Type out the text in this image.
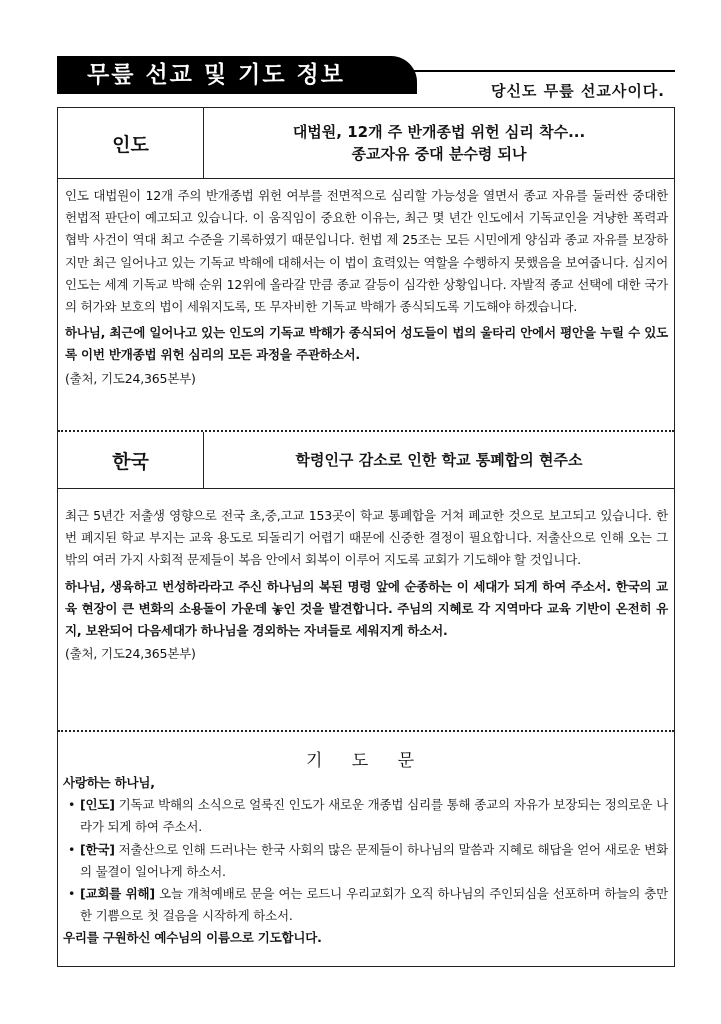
무릎 선교 및 기도 정보
당신도 무릎 선교사이다.
인도
대법원, 12개 주 반개종법 위헌 심리 착수...
종교자유 중대 분수령 되나

인도 대법원이 12개 주의 반개종법 위헌 여부를 전면적으로 심리할 가능성을 열면서 종교 자유를 둘러싼 중대한 헌법적 판단이 예고되고 있습니다. 이 움직임이 중요한 이유는, 최근 몇 년간 인도에서 기독교인을 겨냥한 폭력과 협박 사건이 역대 최고 수준을 기록하였기 때문입니다. 헌법 제 25조는 모든 시민에게 양심과 종교 자유를 보장하지만 최근 일어나고 있는 기독교 박해에 대해서는 이 법이 효력있는 역할을 수행하지 못했음을 보여줍니다. 심지어 인도는 세계 기독교 박해 순위 12위에 올라갈 만큼 종교 갈등이 심각한 상황입니다. 자발적 종교 선택에 대한 국가의 허가와 보호의 법이 세워지도록, 또 무자비한 기독교 박해가 종식되도록 기도해야 하겠습니다.

하나님, 최근에 일어나고 있는 인도의 기독교 박해가 종식되어 성도들이 법의 울타리 안에서 평안을 누릴 수 있도록 이번 반개종법 위헌 심리의 모든 과정을 주관하소서.

(출처, 기도24,365본부)

한국	학령인구 감소로 인한 학교 통폐합의 현주소

최근 5년간 저출생 영향으로 전국 초,중,고교 153곳이 학교 통폐합을 거쳐 폐교한 것으로 보고되고 있습니다. 한 번 폐지된 학교 부지는 교육 용도로 되돌리기 어렵기 때문에 신중한 결정이 필요합니다. 저출산으로 인해 오는 그 밖의 여러 가지 사회적 문제들이 복음 안에서 회복이 이루어 지도록 교회가 기도해야 할 것입니다.

하나님, 생육하고 번성하라라고 주신 하나님의 복된 명령 앞에 순종하는 이 세대가 되게 하여 주소서. 한국의 교육 현장이 큰 변화의 소용돌이 가운데 놓인 것을 발견합니다. 주님의 지혜로 각 지역마다 교육 기반이 온전히 유지, 보완되어 다음세대가 하나님을 경외하는 자녀들로 세워지게 하소서.

(출처, 기도24,365본부)

기 도 문
사랑하는 하나님,
• [인도] 기독교 박해의 소식으로 얼룩진 인도가 새로운 개종법 심리를 통해 종교의 자유가 보장되는 정의로운 나라가 되게 하여 주소서.
• [한국] 저출산으로 인해 드러나는 한국 사회의 많은 문제들이 하나님의 말씀과 지혜로 해답을 얻어 새로운 변화의 물결이 일어나게 하소서.
• [교회를 위해] 오늘 개척예배로 문을 여는 로드니 우리교회가 오직 하나님의 주인되심을 선포하며 하늘의 충만한 기쁨으로 첫 걸음을 시작하게 하소서.
우리를 구원하신 예수님의 이름으로 기도합니다.
